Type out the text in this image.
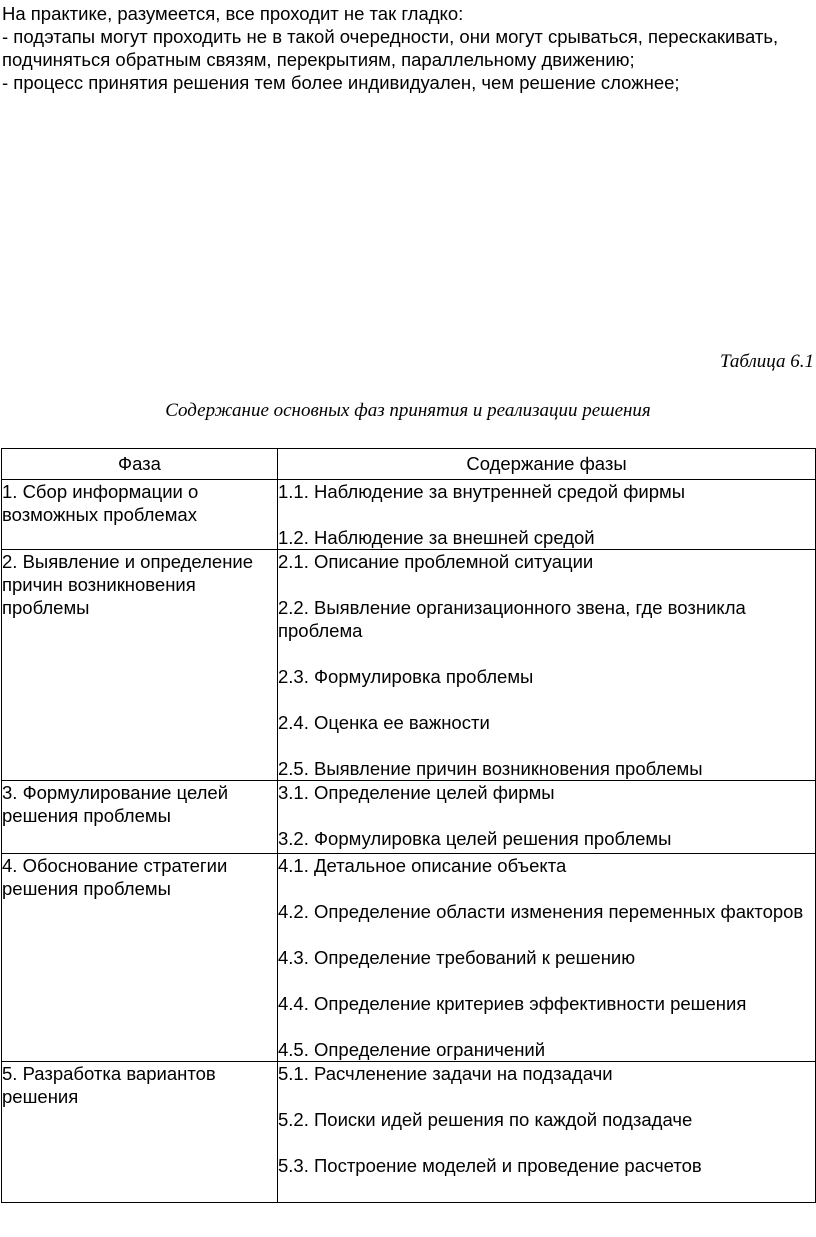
На практике, разумеется, все проходит не так гладко:

- подэтапы могут проходить не в такой очередности, они могут срываться, перескакивать,

подчиняться обратным связям, перекрытиям, параллельному движению;

- процесс принятия решения тем более индивидуален, чем решение сложнее;

Таблица 6.1
Содержание основных фаз принятия и реализации решения
Фаза	Содержание фазы
1. Сбор информации о возможных проблемах	1.1. Наблюдение за внутренней средой фирмы

1.2. Наблюдение за внешней средой

2. Выявление и определение причин возникновения проблемы	2.1. Описание проблемной ситуации

2.2. Выявление организационного звена, где возникла проблема

2.3. Формулировка проблемы

2.4. Оценка ее важности

2.5. Выявление причин возникновения проблемы

3. Формулирование целей решения проблемы	3.1. Определение целей фирмы

3.2. Формулировка целей решения проблемы

4. Обоснование стратегии решения проблемы	4.1. Детальное описание объекта

4.2. Определение области изменения переменных факторов

4.3. Определение требований к решению

4.4. Определение критериев эффективности решения

4.5. Определение ограничений

5. Разработка вариантов решения	5.1. Расчленение задачи на подзадачи

5.2. Поиски идей решения по каждой подзадаче

5.3. Построение моделей и проведение расчетов
